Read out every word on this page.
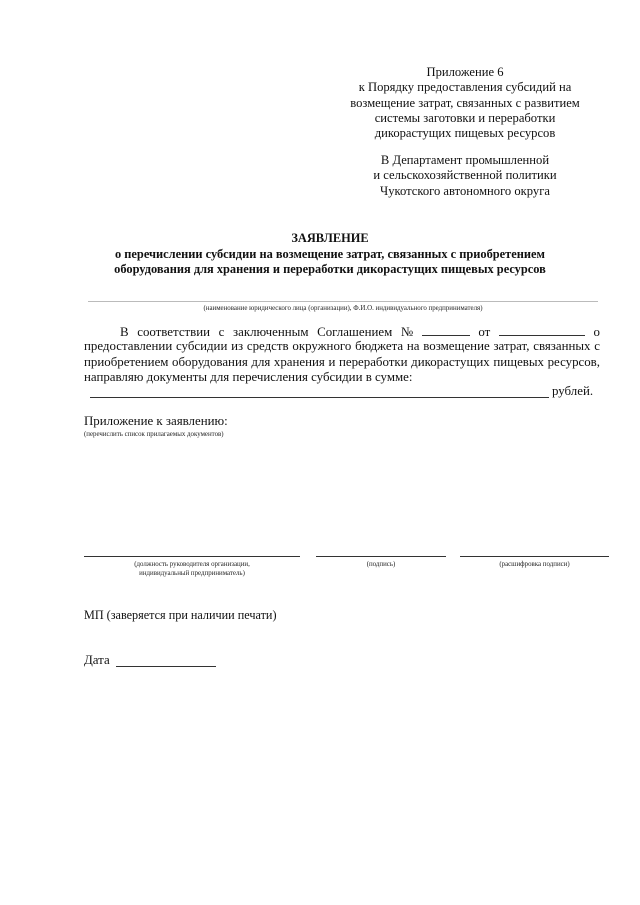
Приложение 6
к Порядку предоставления субсидий на
возмещение затрат, связанных с развитием
системы заготовки и переработки
дикорастущих пищевых ресурсов
В Департамент промышленной
и сельскохозяйственной политики
Чукотского автономного округа
ЗАЯВЛЕНИЕ
о перечислении субсидии на возмещение затрат, связанных с приобретением
оборудования для хранения и переработки дикорастущих пищевых ресурсов
(наименование юридического лица (организации), Ф.И.О. индивидуального предпринимателя)
В соответствии с заключенным Соглашением №	от	о
предоставлении субсидии из средств окружного бюджета на возмещение затрат, связанных с приобретением оборудования для хранения и переработки дикорастущих пищевых ресурсов, направляю документы для перечисления субсидии в сумме:
рублей.
Приложение к заявлению:
(перечислить список прилагаемых документов)
(должность руководителя организации,
индивидуальный предприниматель)
(подпись)	(расшифровка подписи)
МП (заверяется при наличии печати)
Дата
